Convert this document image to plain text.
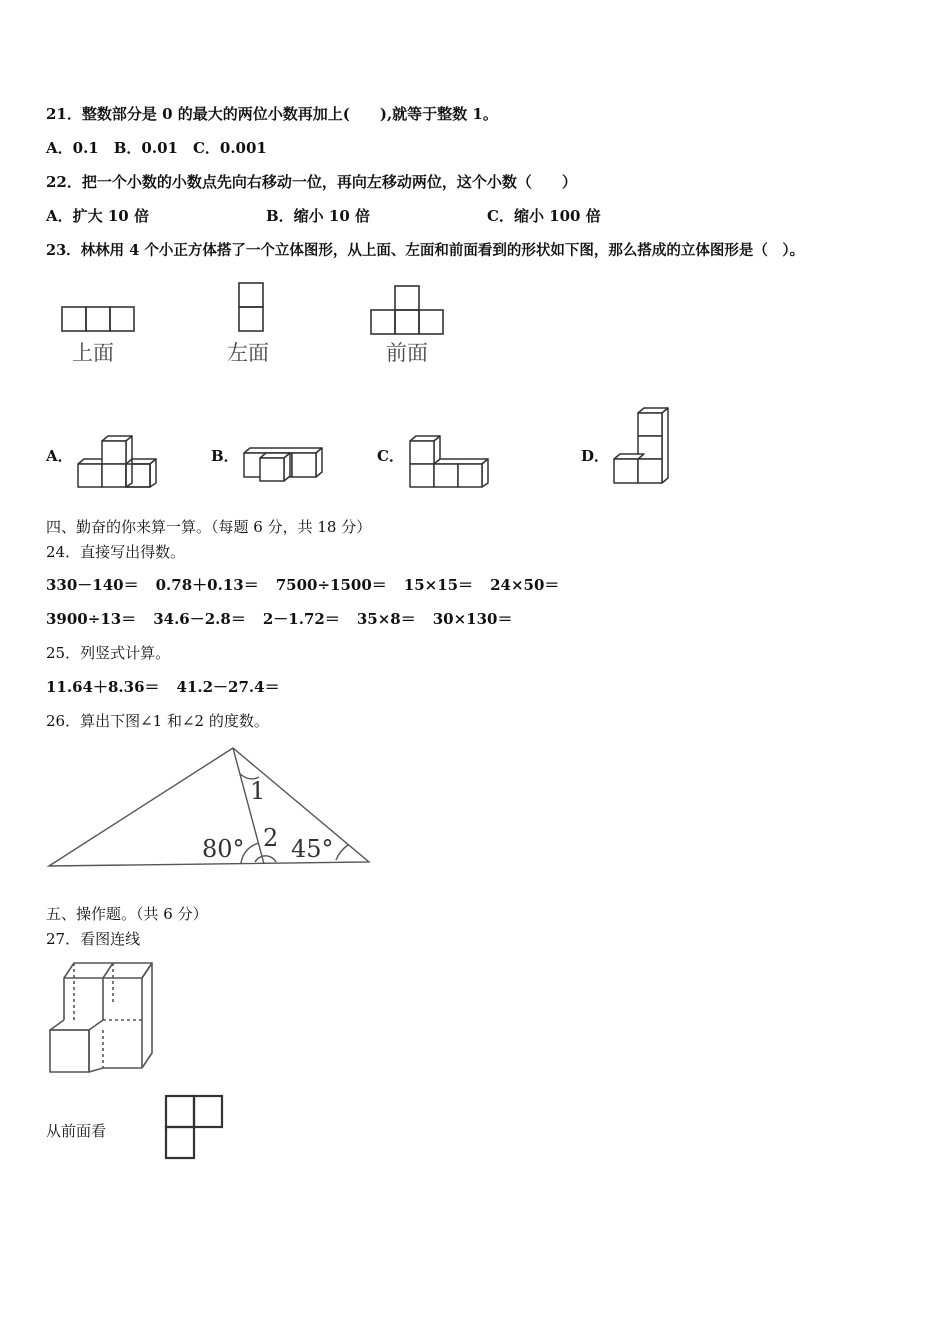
21．整数部分是 0 的最大的两位小数再加上(　　),就等于整数 1。
A．0.1　B．0.01　C．0.001
22．把一个小数的小数点先向右移动一位，再向左移动两位，这个小数（　　）
A．扩大 10 倍	B．缩小 10 倍	C．缩小 100 倍
23．林林用 4 个小正方体搭了一个立体图形，从上面、左面和前面看到的形状如下图，那么搭成的立体图形是（　）。
上面	左面	前面
A．	B．	C．	D．
四、勤奋的你来算一算。（每题 6 分，共 18 分）
24．直接写出得数。
330－140＝ 0.78＋0.13＝ 7500÷1500＝ 15×15＝ 24×50＝
3900÷13＝ 34.6－2.8＝ 2－1.72＝ 35×8＝ 30×130＝
25．列竖式计算。
11.64＋8.36＝ 41.2－27.4＝
26．算出下图∠1 和∠2 的度数。
1
2
80° 45°
五、操作题。（共 6 分）
27．看图连线
从前面看
